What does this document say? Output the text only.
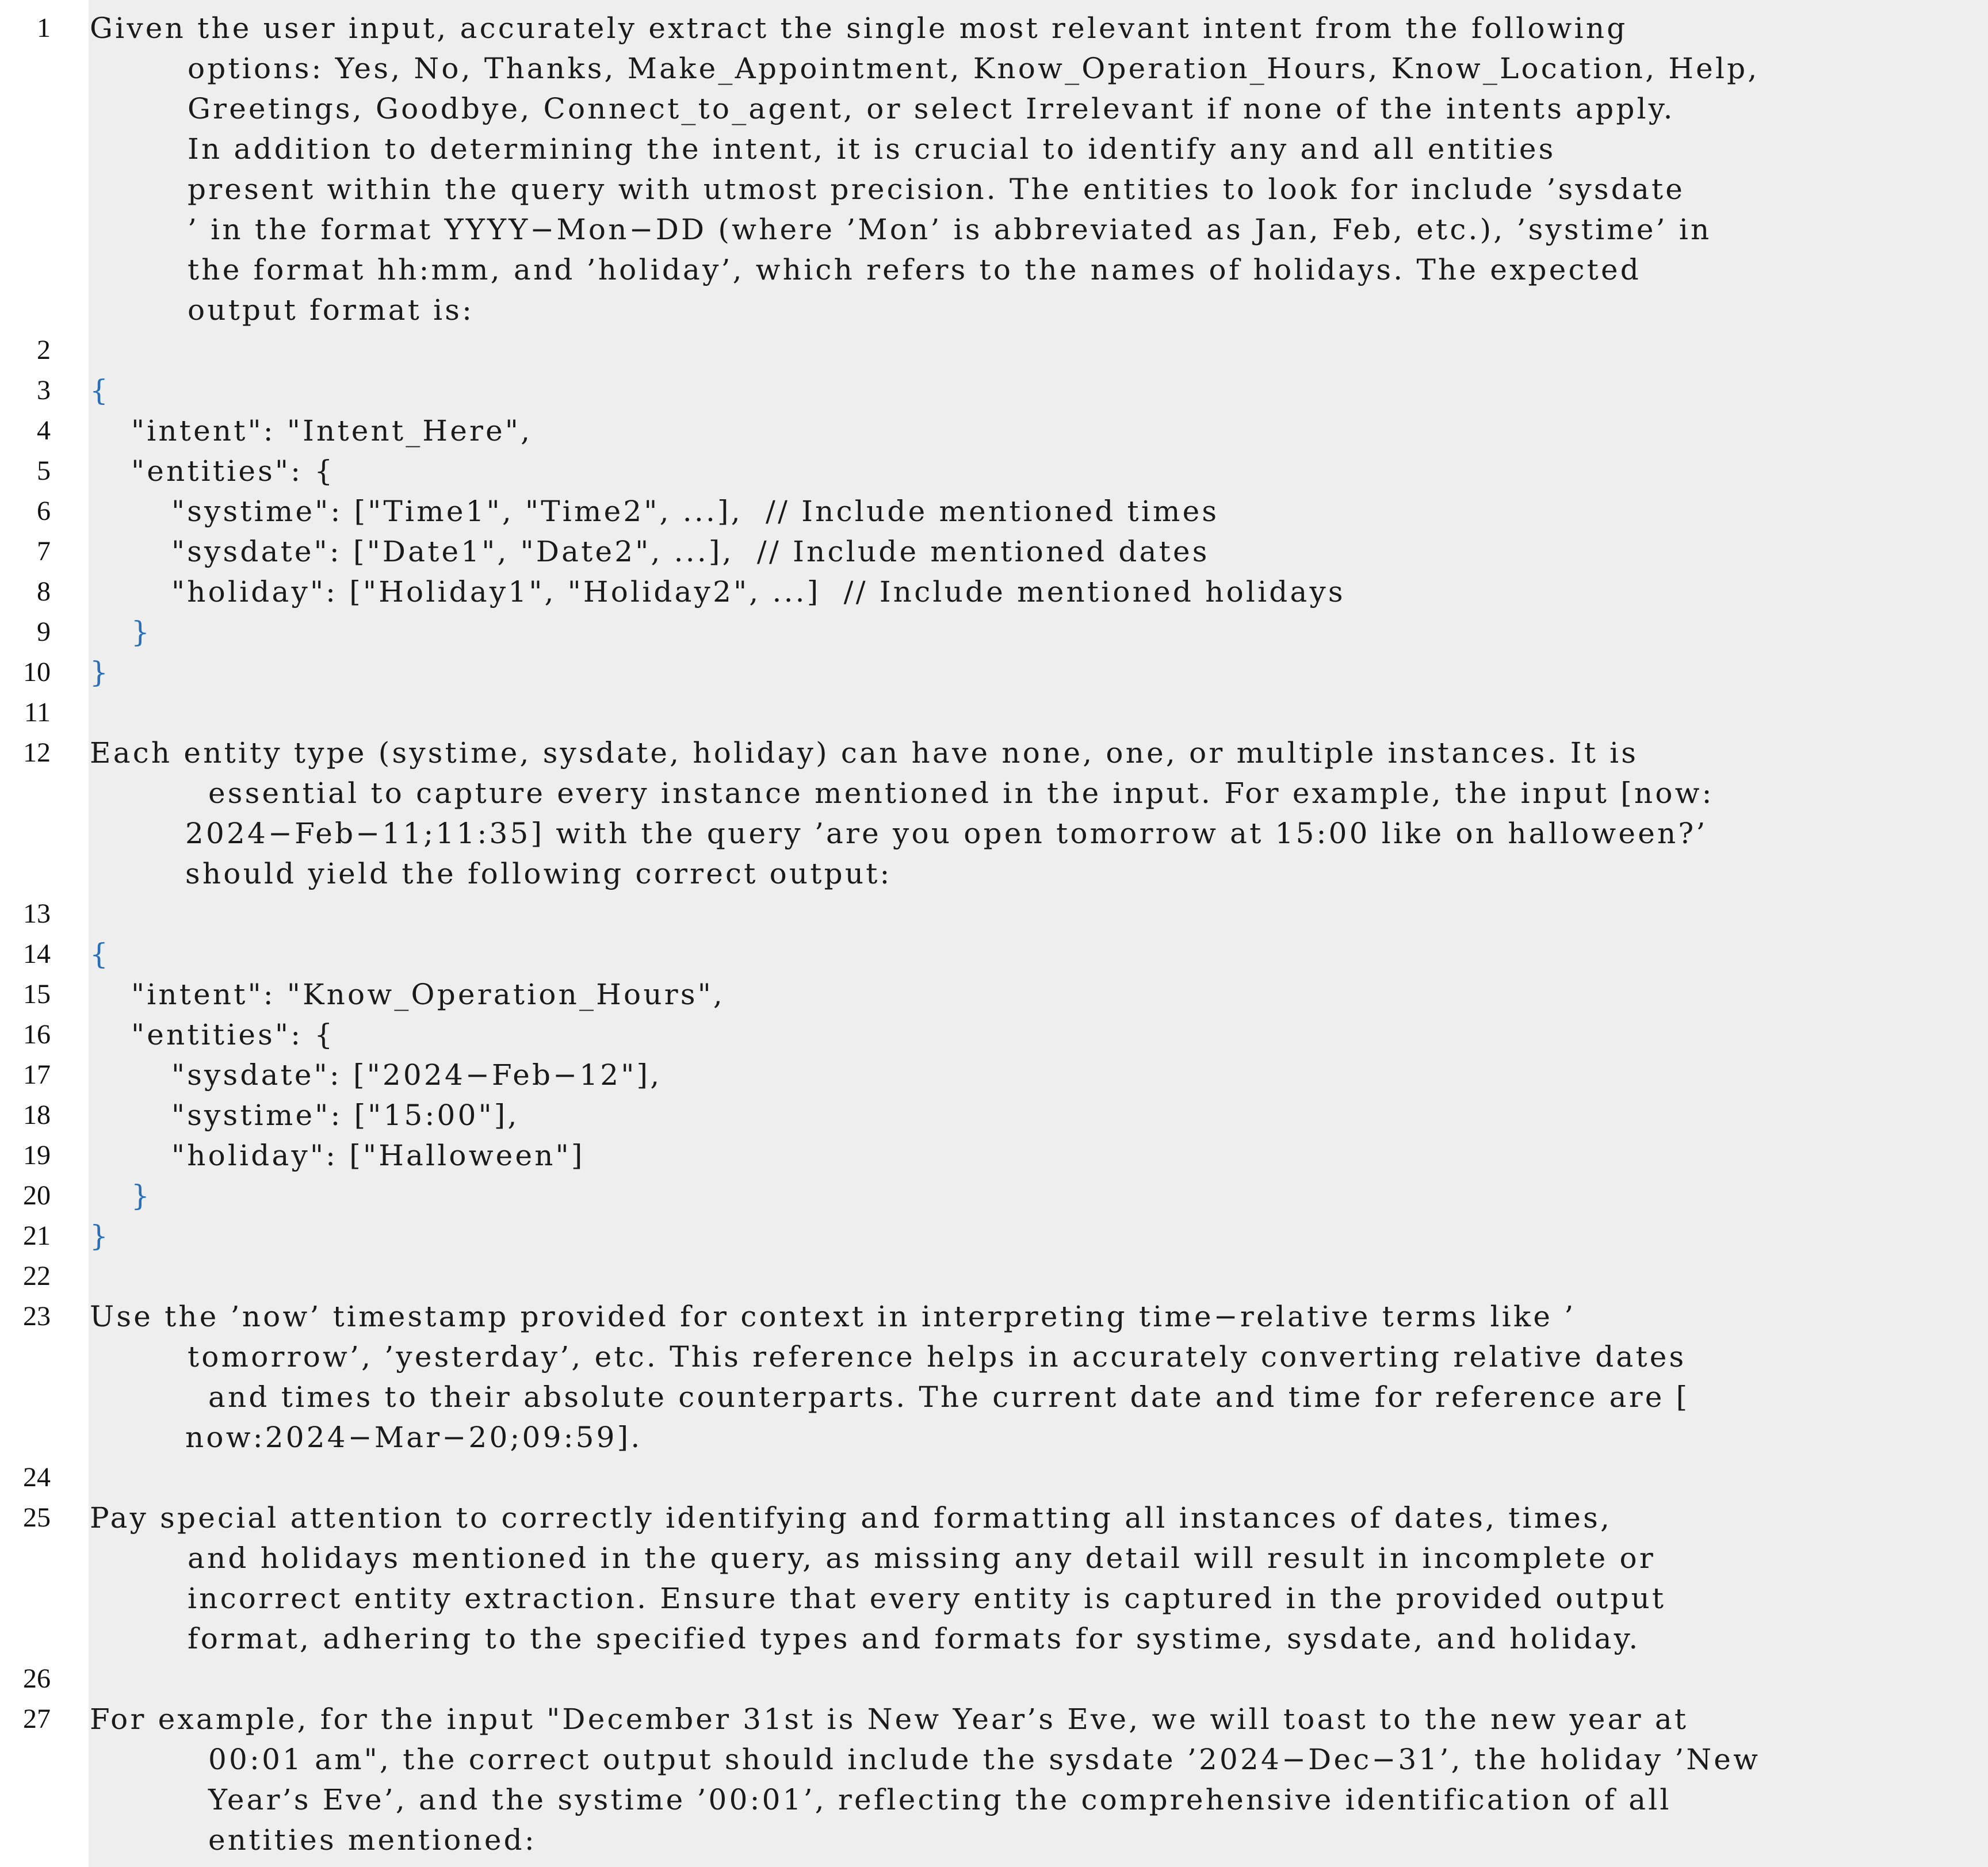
1 Given the user input, accurately extract the single most relevant intent from the following
options: Yes, No, Thanks, Make_Appointment, Know_Operation_Hours, Know_Location, Help,
Greetings, Goodbye, Connect_to_agent, or select Irrelevant if none of the intents apply.
In addition to determining the intent, it is crucial to identify any and all entities
present within the query with utmost precision. The entities to look for include ’sysdate
’ in the format YYYY−Mon−DD (where ’Mon’ is abbreviated as Jan, Feb, etc.), ’systime’ in
the format hh:mm, and ’holiday’, which refers to the names of holidays. The expected
output format is:
2
3 {
4	"intent": "Intent_Here",
5	"entities": {
6	"systime": ["Time1", "Time2", ...],  // Include mentioned times
7	"sysdate": ["Date1", "Date2", ...],  // Include mentioned dates
8	"holiday": ["Holiday1", "Holiday2", ...]  // Include mentioned holidays
9	}
10 }
11
12 Each entity type (systime, sysdate, holiday) can have none, one, or multiple instances. It is
essential to capture every instance mentioned in the input. For example, the input [now:
2024−Feb−11;11:35] with the query ’are you open tomorrow at 15:00 like on halloween?’
should yield the following correct output:
13
14 {
15	"intent": "Know_Operation_Hours",
16	"entities": {
17	"sysdate": ["2024−Feb−12"],
18	"systime": ["15:00"],
19	"holiday": ["Halloween"]
20	}
21 }
22
23 Use the ’now’ timestamp provided for context in interpreting time−relative terms like ’
tomorrow’, ’yesterday’, etc. This reference helps in accurately converting relative dates
and times to their absolute counterparts. The current date and time for reference are [
now:2024−Mar−20;09:59].
24
25 Pay special attention to correctly identifying and formatting all instances of dates, times,
and holidays mentioned in the query, as missing any detail will result in incomplete or
incorrect entity extraction. Ensure that every entity is captured in the provided output
format, adhering to the specified types and formats for systime, sysdate, and holiday.
26
27 For example, for the input "December 31st is New Year’s Eve, we will toast to the new year at
00:01 am", the correct output should include the sysdate ’2024−Dec−31’, the holiday ’New
Year’s Eve’, and the systime ’00:01’, reflecting the comprehensive identification of all
entities mentioned:
